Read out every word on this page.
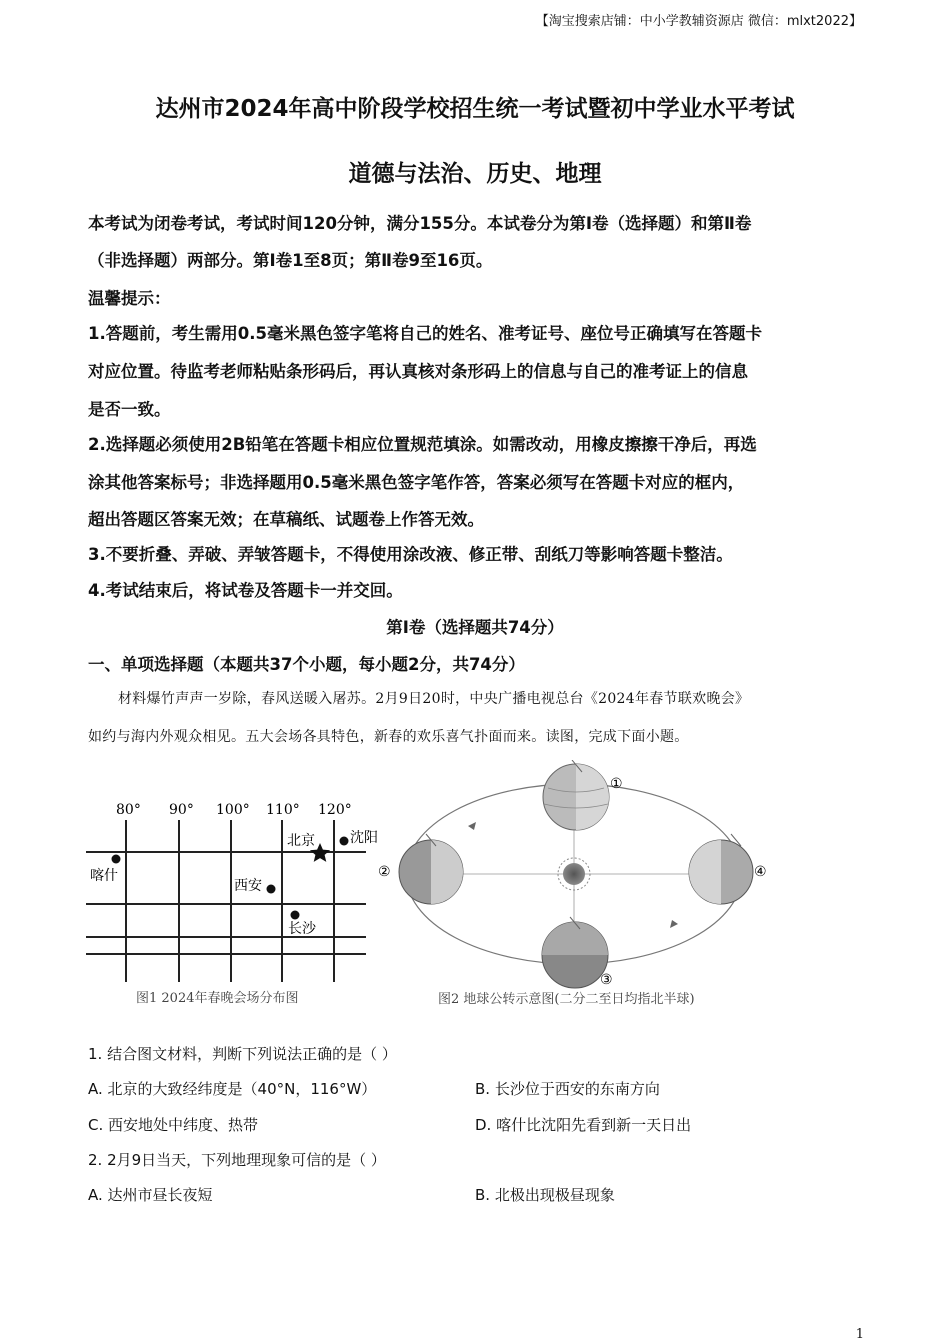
【淘宝搜索店铺：中小学教辅资源店 微信：mlxt2022】
达州市2024年高中阶段学校招生统一考试暨初中学业水平考试
道德与法治、历史、地理
本考试为闭卷考试，考试时间120分钟，满分155分。本试卷分为第I卷（选择题）和第Ⅱ卷
（非选择题）两部分。第I卷1至8页；第Ⅱ卷9至16页。
温馨提示：
1.答题前，考生需用0.5毫米黑色签字笔将自己的姓名、准考证号、座位号正确填写在答题卡
对应位置。待监考老师粘贴条形码后，再认真核对条形码上的信息与自己的准考证上的信息
是否一致。
2.选择题必须使用2B铅笔在答题卡相应位置规范填涂。如需改动，用橡皮擦擦干净后，再选
涂其他答案标号；非选择题用0.5毫米黑色签字笔作答，答案必须写在答题卡对应的框内，
超出答题区答案无效；在草稿纸、试题卷上作答无效。
3.不要折叠、弄破、弄皱答题卡，不得使用涂改液、修正带、刮纸刀等影响答题卡整洁。
4.考试结束后，将试卷及答题卡一并交回。
第I卷（选择题共74分）
一、单项选择题（本题共37个小题，每小题2分，共74分）
材料爆竹声声一岁除，春风送暖入屠苏。2月9日20时，中央广播电视总台《2024年春节联欢晚会》
如约与海内外观众相见。五大会场各具特色，新春的欢乐喜气扑面而来。读图，完成下面小题。
80° 90° 100° 110° 120°
北京	沈阳
喀什
西安
长沙
图1 2024年春晚会场分布图
①
②
③
④
图2 地球公转示意图(二分二至日均指北半球)
1. 结合图文材料，判断下列说法正确的是（ ）
A. 北京的大致经纬度是（40°N，116°W）	B. 长沙位于西安的东南方向
C. 西安地处中纬度、热带	D. 喀什比沈阳先看到新一天日出
2. 2月9日当天，下列地理现象可信的是（ ）
A. 达州市昼长夜短	B. 北极出现极昼现象
1
